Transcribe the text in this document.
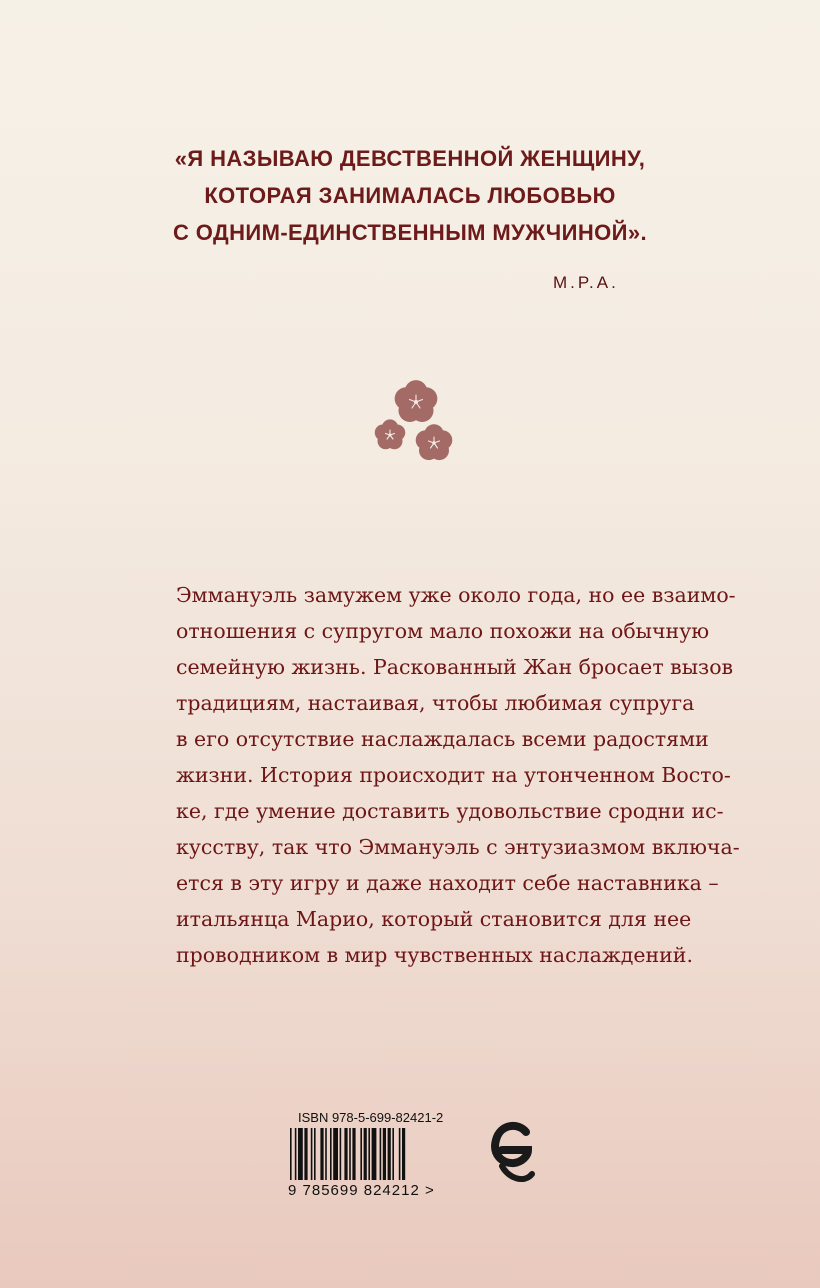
«Я НАЗЫВАЮ ДЕВСТВЕННОЙ ЖЕНЩИНУ,
КОТОРАЯ ЗАНИМАЛАСЬ ЛЮБОВЬЮ
С ОДНИМ-ЕДИНСТВЕННЫМ МУЖЧИНОЙ».
М.Р.А.
Эммануэль замужем уже около года, но ее взаимо-
отношения с супругом мало похожи на обычную
семейную жизнь. Раскованный Жан бросает вызов
традициям, настаивая, чтобы любимая супруга
в его отсутствие наслаждалась всеми радостями
жизни. История происходит на утонченном Восто-
ке, где умение доставить удовольствие сродни ис-
кусству, так что Эммануэль с энтузиазмом включа-
ется в эту игру и даже находит себе наставника –
итальянца Марио, который становится для нее
проводником в мир чувственных наслаждений.
ISBN 978-5-699-82421-2
9 785699 824212 >
